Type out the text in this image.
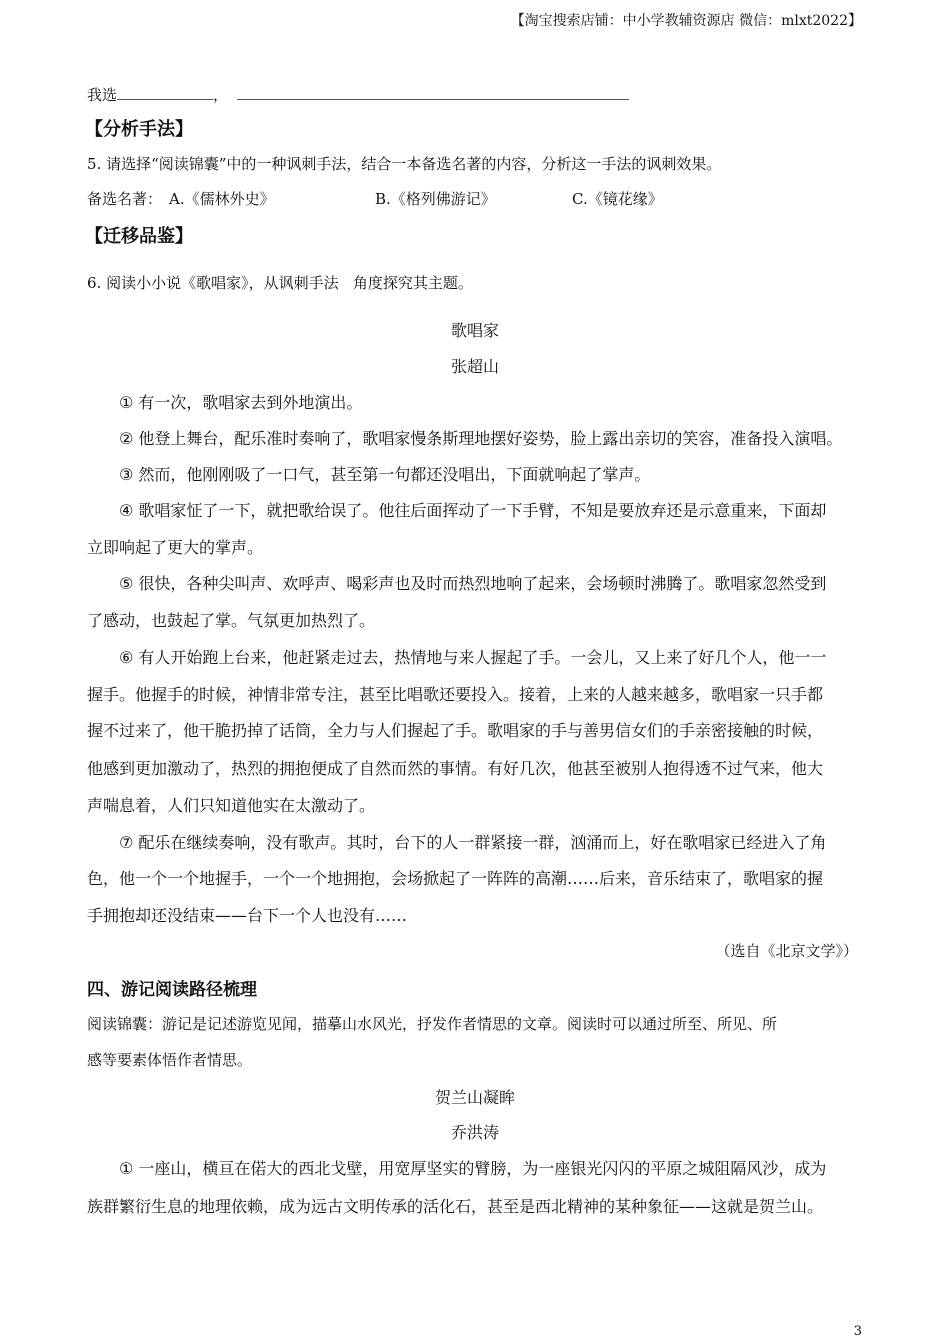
【淘宝搜索店铺：中小学教辅资源店 微信：mlxt2022】
我选	，
【分析手法】
5. 请选择“阅读锦囊”中的一种讽刺手法，结合一本备选名著的内容，分析这一手法的讽刺效果。
备选名著： A.《儒林外史》	B.《格列佛游记》	C.《镜花缘》
【迁移品鉴】
6. 阅读小小说《歌唱家》，从讽刺手法   角度探究其主题。
歌唱家
张超山
① 有一次，歌唱家去到外地演出。
② 他登上舞台，配乐准时奏响了，歌唱家慢条斯理地摆好姿势，脸上露出亲切的笑容，准备投入演唱。
③ 然而，他刚刚吸了一口气，甚至第一句都还没唱出，下面就响起了掌声。
④ 歌唱家怔了一下，就把歌给误了。他往后面挥动了一下手臂，不知是要放弃还是示意重来，下面却
立即响起了更大的掌声。
⑤ 很快，各种尖叫声、欢呼声、喝彩声也及时而热烈地响了起来，会场顿时沸腾了。歌唱家忽然受到
了感动，也鼓起了掌。气氛更加热烈了。
⑥ 有人开始跑上台来，他赶紧走过去，热情地与来人握起了手。一会儿，又上来了好几个人，他一一
握手。他握手的时候，神情非常专注，甚至比唱歌还要投入。接着，上来的人越来越多，歌唱家一只手都
握不过来了，他干脆扔掉了话筒，全力与人们握起了手。歌唱家的手与善男信女们的手亲密接触的时候，
他感到更加激动了，热烈的拥抱便成了自然而然的事情。有好几次，他甚至被别人抱得透不过气来，他大
声喘息着，人们只知道他实在太激动了。
⑦ 配乐在继续奏响，没有歌声。其时，台下的人一群紧接一群，汹涌而上，好在歌唱家已经进入了角
色，他一个一个地握手，一个一个地拥抱，会场掀起了一阵阵的高潮……后来，音乐结束了，歌唱家的握
手拥抱却还没结束——台下一个人也没有……
（选自《北京文学》）
四、游记阅读路径梳理
阅读锦囊：游记是记述游览见闻，描摹山水风光，抒发作者情思的文章。阅读时可以通过所至、所见、所
感等要素体悟作者情思。
贺兰山凝眸
乔洪涛
① 一座山，横亘在偌大的西北戈壁，用宽厚坚实的臂膀，为一座银光闪闪的平原之城阻隔风沙，成为
族群繁衍生息的地理依赖，成为远古文明传承的活化石，甚至是西北精神的某种象征——这就是贺兰山。
3
